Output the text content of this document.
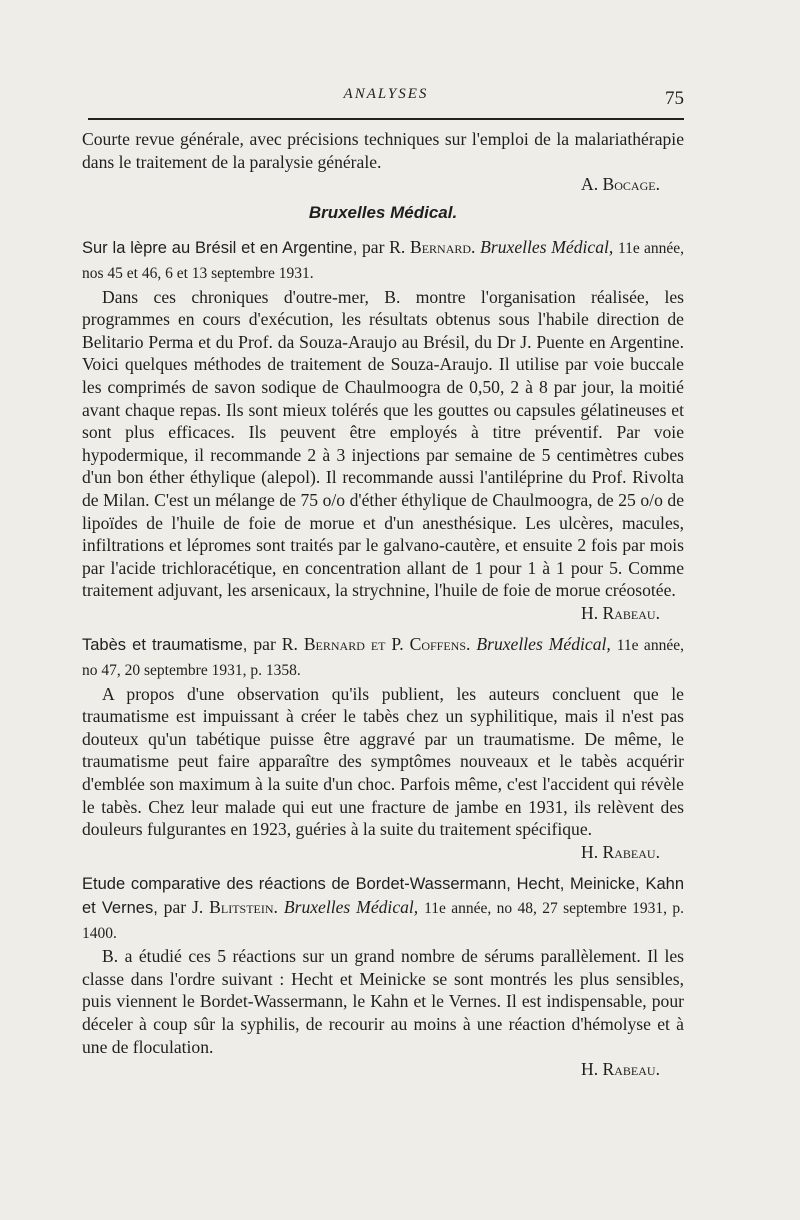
ANALYSES	75

Courte revue générale, avec précisions techniques sur l'emploi de la malariathérapie dans le traitement de la paralysie générale.

A. Bocage.

Bruxelles Médical.

Sur la lèpre au Brésil et en Argentine, par R. Bernard. Bruxelles Médical, 11e année, nos 45 et 46, 6 et 13 septembre 1931.

Dans ces chroniques d'outre-mer, B. montre l'organisation réalisée, les programmes en cours d'exécution, les résultats obtenus sous l'habile direction de Belitario Perma et du Prof. da Souza-Araujo au Brésil, du Dr J. Puente en Argentine. Voici quelques méthodes de traitement de Souza-Araujo. Il utilise par voie buccale les comprimés de savon sodique de Chaulmoogra de 0,50, 2 à 8 par jour, la moitié avant chaque repas. Ils sont mieux tolérés que les gouttes ou capsules gélatineuses et sont plus efficaces. Ils peuvent être employés à titre préventif. Par voie hypodermique, il recommande 2 à 3 injections par semaine de 5 centimètres cubes d'un bon éther éthylique (alepol). Il recommande aussi l'antiléprine du Prof. Rivolta de Milan. C'est un mélange de 75 o/o d'éther éthylique de Chaulmoogra, de 25 o/o de lipoïdes de l'huile de foie de morue et d'un anesthésique. Les ulcères, macules, infiltrations et lépromes sont traités par le galvano-cautère, et ensuite 2 fois par mois par l'acide trichloracétique, en concentration allant de 1 pour 1 à 1 pour 5. Comme traitement adjuvant, les arsenicaux, la strychnine, l'huile de foie de morue créosotée.

H. Rabeau.

Tabès et traumatisme, par R. Bernard et P. Coffens. Bruxelles Médical, 11e année, no 47, 20 septembre 1931, p. 1358.

A propos d'une observation qu'ils publient, les auteurs concluent que le traumatisme est impuissant à créer le tabès chez un syphilitique, mais il n'est pas douteux qu'un tabétique puisse être aggravé par un traumatisme. De même, le traumatisme peut faire apparaître des symptômes nouveaux et le tabès acquérir d'emblée son maximum à la suite d'un choc. Parfois même, c'est l'accident qui révèle le tabès. Chez leur malade qui eut une fracture de jambe en 1931, ils relèvent des douleurs fulgurantes en 1923, guéries à la suite du traitement spécifique.

H. Rabeau.

Etude comparative des réactions de Bordet-Wassermann, Hecht, Meinicke, Kahn et Vernes, par J. Blitstein. Bruxelles Médical, 11e année, no 48, 27 septembre 1931, p. 1400.

B. a étudié ces 5 réactions sur un grand nombre de sérums parallèlement. Il les classe dans l'ordre suivant : Hecht et Meinicke se sont montrés les plus sensibles, puis viennent le Bordet-Wassermann, le Kahn et le Vernes. Il est indispensable, pour déceler à coup sûr la syphilis, de recourir au moins à une réaction d'hémolyse et à une de floculation.

H. Rabeau.
